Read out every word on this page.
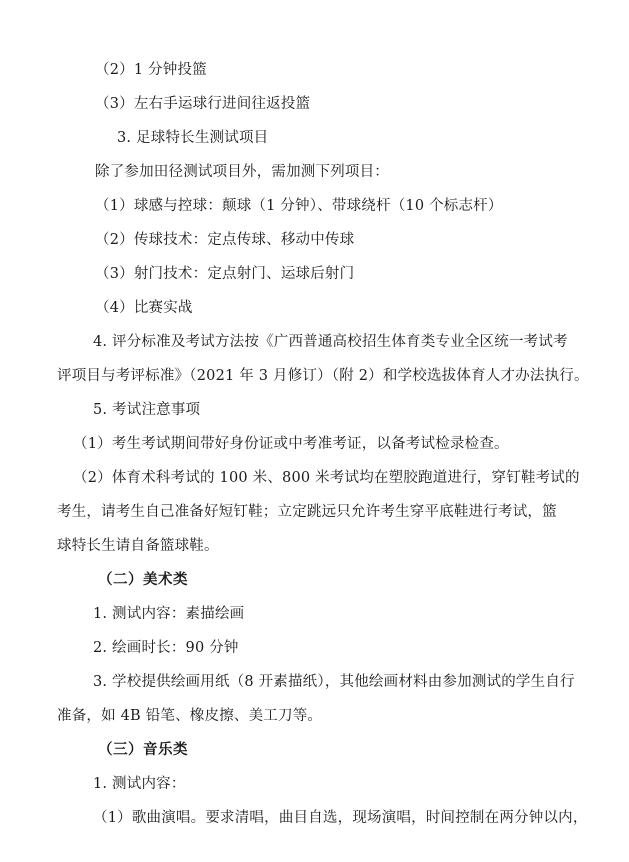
（2）1 分钟投篮
（3）左右手运球行进间往返投篮
3. 足球特长生测试项目
除了参加田径测试项目外，需加测下列项目：
（1）球感与控球：颠球（1 分钟）、带球绕杆（10 个标志杆）
（2）传球技术：定点传球、移动中传球
（3）射门技术：定点射门、运球后射门
（4）比赛实战
4. 评分标准及考试方法按《广西普通高校招生体育类专业全区统一考试考
评项目与考评标准》（2021 年 3 月修订）（附 2）和学校选拔体育人才办法执行。
5. 考试注意事项
（1）考生考试期间带好身份证或中考准考证，以备考试检录检查。
（2）体育术科考试的 100 米、800 米考试均在塑胶跑道进行，穿钉鞋考试的
考生，请考生自己准备好短钉鞋；立定跳远只允许考生穿平底鞋进行考试，篮
球特长生请自备篮球鞋。
（二）美术类
1. 测试内容：素描绘画
2. 绘画时长：90 分钟
3. 学校提供绘画用纸（8 开素描纸），其他绘画材料由参加测试的学生自行
准备，如 4B 铅笔、橡皮擦、美工刀等。
（三）音乐类
1. 测试内容：
（1）歌曲演唱。要求清唱，曲目自选，现场演唱，时间控制在两分钟以内，
